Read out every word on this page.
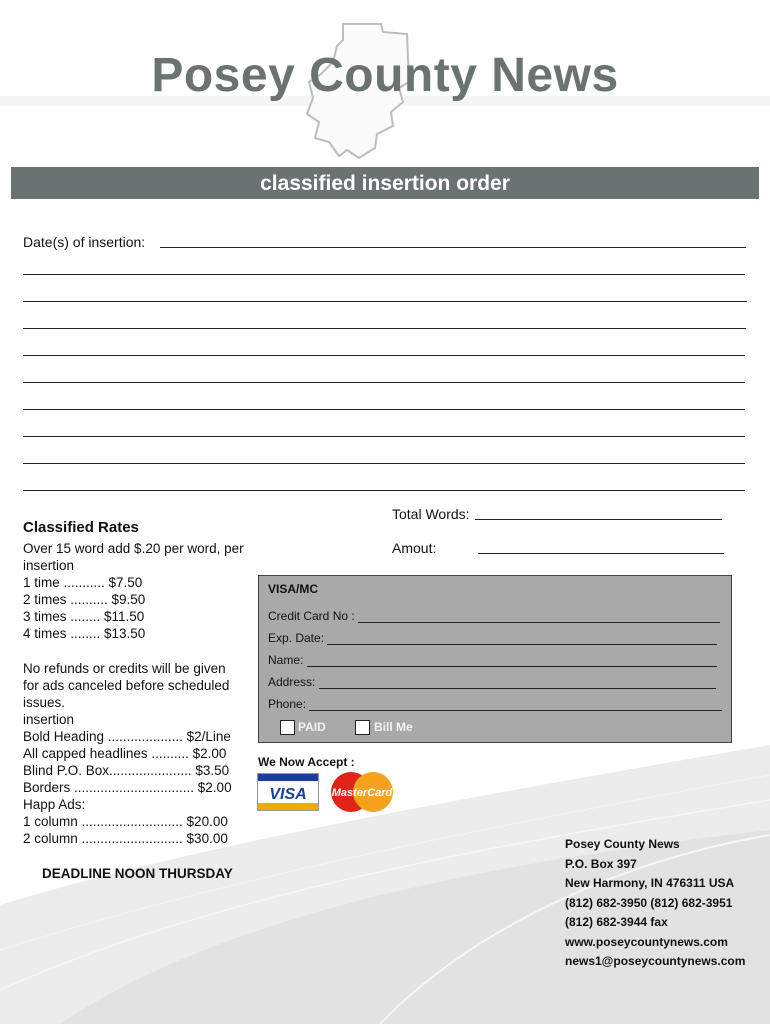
Posey County News
classified insertion order
Date(s) of insertion:
Total Words:
Amout:
Classified Rates
Over 15 word add $.20 per word, per
insertion
1 time ........... $7.50
2 times .......... $9.50
3 times ........ $11.50
4 times ........ $13.50
No refunds or credits will be given
for ads canceled before scheduled
issues.
insertion
Bold Heading .................... $2/Line
All capped headlines .......... $2.00
Blind P.O. Box...................... $3.50
Borders ................................ $2.00
Happ Ads:
1 column ........................... $20.00
2 column ........................... $30.00
DEADLINE NOON THURSDAY
VISA/MC
Credit Card No :
Exp. Date:
Name:
Address:
Phone:
PAID	Bill Me
We Now Accept :
VISA MasterCard
Posey County News
P.O. Box 397
New Harmony, IN 476311 USA
(812) 682-3950 (812) 682-3951
(812) 682-3944 fax
www.poseycountynews.com
news1@poseycountynews.com
